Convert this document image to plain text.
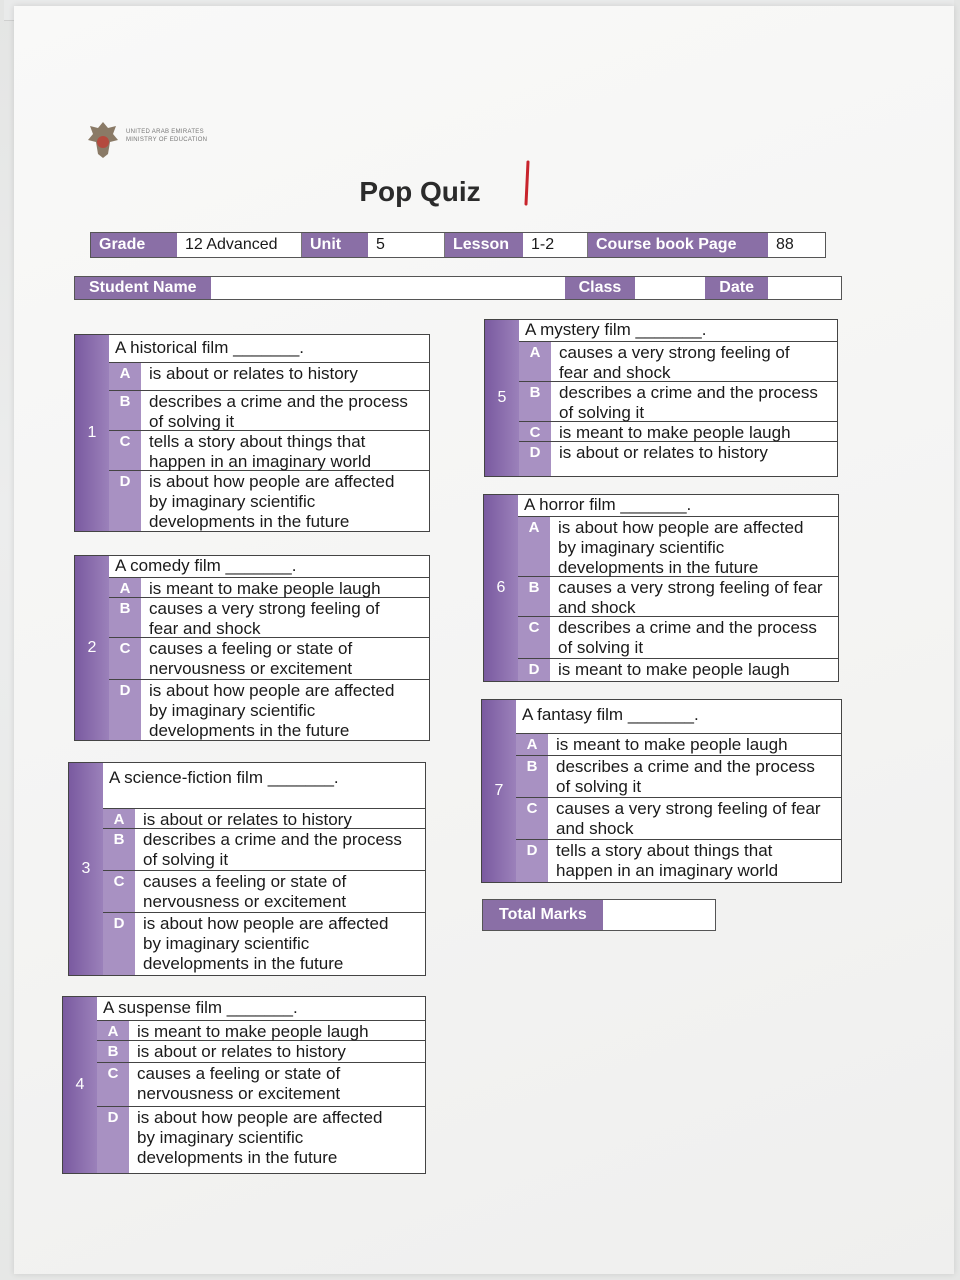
UNITED ARAB EMIRATES
MINISTRY OF EDUCATION
Pop Quiz
Grade	12 Advanced	Unit	5	Lesson	1-2	Course book Page	88
Student Name	Class	Date
1
A historical film _______.
A	is about or relates to history
B	describes a crime and the process
of solving it
C	tells a story about things that
happen in an imaginary world
D	is about how people are affected
by imaginary scientific
developments in the future
2
A comedy film _______.
A	is meant to make people laugh
B	causes a very strong feeling of
fear and shock
C	causes a feeling or state of
nervousness or excitement
D	is about how people are affected
by imaginary scientific
developments in the future
3
A science-fiction film _______.
A	is about or relates to history
B	describes a crime and the process
of solving it
C	causes a feeling or state of
nervousness or excitement
D	is about how people are affected
by imaginary scientific
developments in the future
4
A suspense film _______.
A	is meant to make people laugh
B	is about or relates to history
C	causes a feeling or state of
nervousness or excitement
D	is about how people are affected
by imaginary scientific
developments in the future
5
A mystery film _______.
A	causes a very strong feeling of
fear and shock
B	describes a crime and the process
of solving it
C	is meant to make people laugh
D	is about or relates to history
6
A horror film _______.
A	is about how people are affected
by imaginary scientific
developments in the future
B	causes a very strong feeling of fear
and shock
C	describes a crime and the process
of solving it
D	is meant to make people laugh
7
A fantasy film _______.
A	is meant to make people laugh
B	describes a crime and the process
of solving it
C	causes a very strong feeling of fear
and shock
D	tells a story about things that
happen in an imaginary world
Total Marks
